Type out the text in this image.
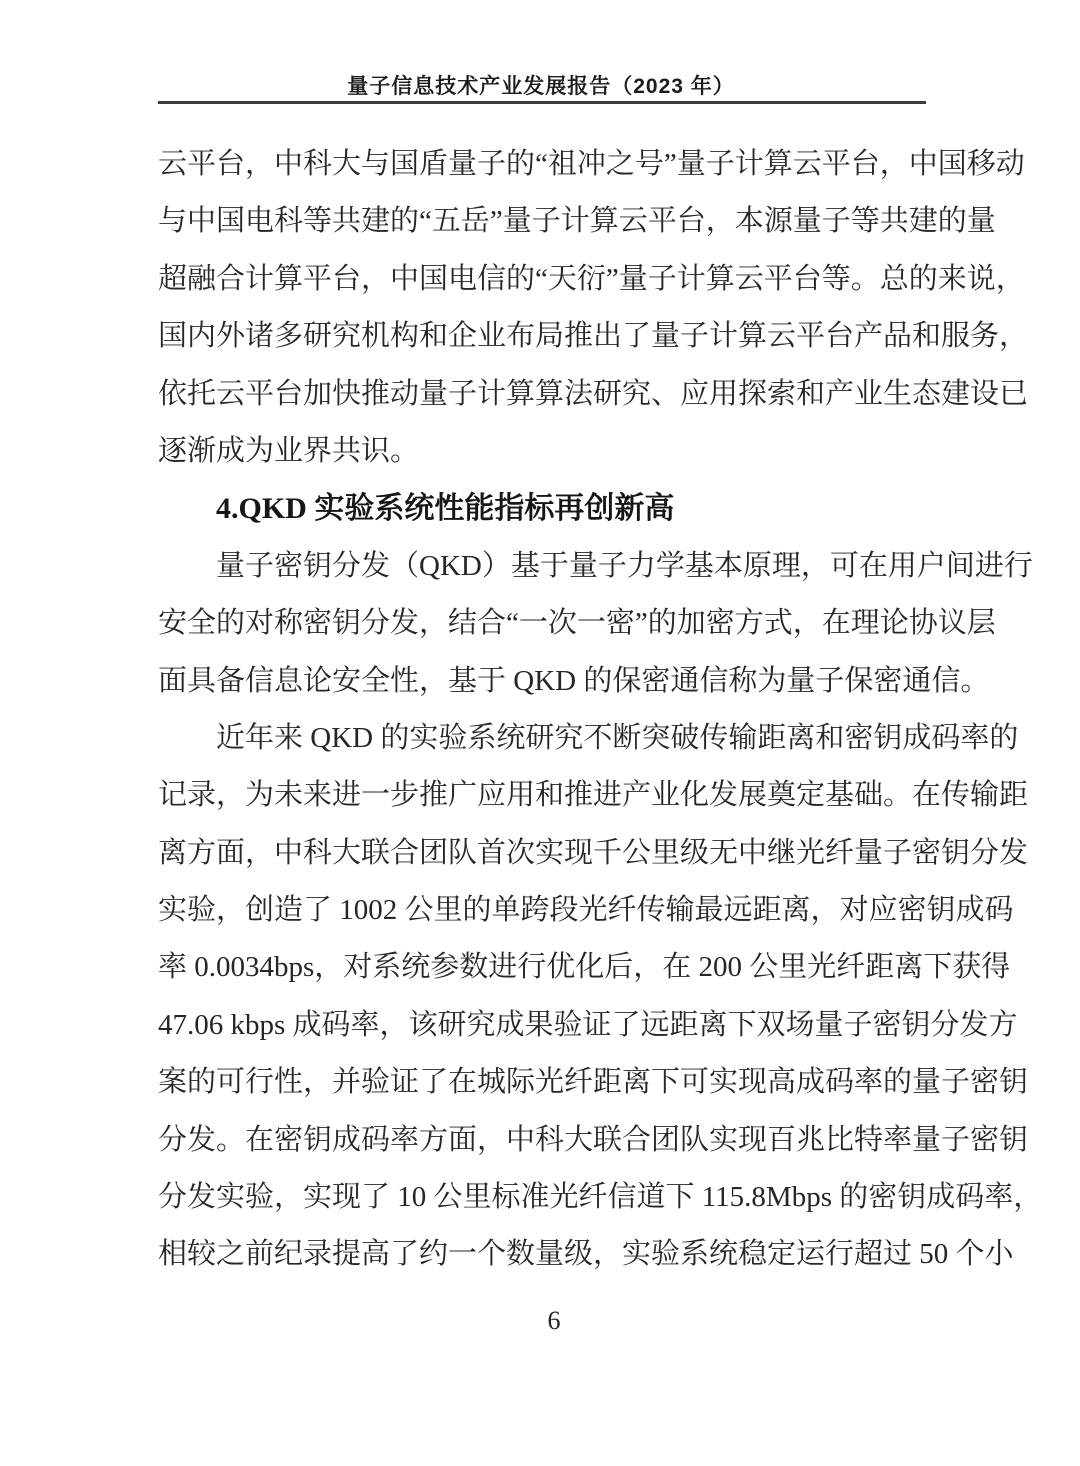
量子信息技术产业发展报告（2023 年）
云平台，中科大与国盾量子的“祖冲之号”量子计算云平台，中国移动
与中国电科等共建的“五岳”量子计算云平台，本源量子等共建的量
超融合计算平台，中国电信的“天衍”量子计算云平台等。总的来说，
国内外诸多研究机构和企业布局推出了量子计算云平台产品和服务，
依托云平台加快推动量子计算算法研究、应用探索和产业生态建设已
逐渐成为业界共识。
4.QKD 实验系统性能指标再创新高
量子密钥分发（QKD）基于量子力学基本原理，可在用户间进行
安全的对称密钥分发，结合“一次一密”的加密方式，在理论协议层
面具备信息论安全性，基于 QKD 的保密通信称为量子保密通信。
近年来 QKD 的实验系统研究不断突破传输距离和密钥成码率的
记录，为未来进一步推广应用和推进产业化发展奠定基础。在传输距
离方面，中科大联合团队首次实现千公里级无中继光纤量子密钥分发
实验，创造了 1002 公里的单跨段光纤传输最远距离，对应密钥成码
率 0.0034bps，对系统参数进行优化后，在 200 公里光纤距离下获得
47.06 kbps 成码率，该研究成果验证了远距离下双场量子密钥分发方
案的可行性，并验证了在城际光纤距离下可实现高成码率的量子密钥
分发。在密钥成码率方面，中科大联合团队实现百兆比特率量子密钥
分发实验，实现了 10 公里标准光纤信道下 115.8Mbps 的密钥成码率，
相较之前纪录提高了约一个数量级，实验系统稳定运行超过 50 个小
6
